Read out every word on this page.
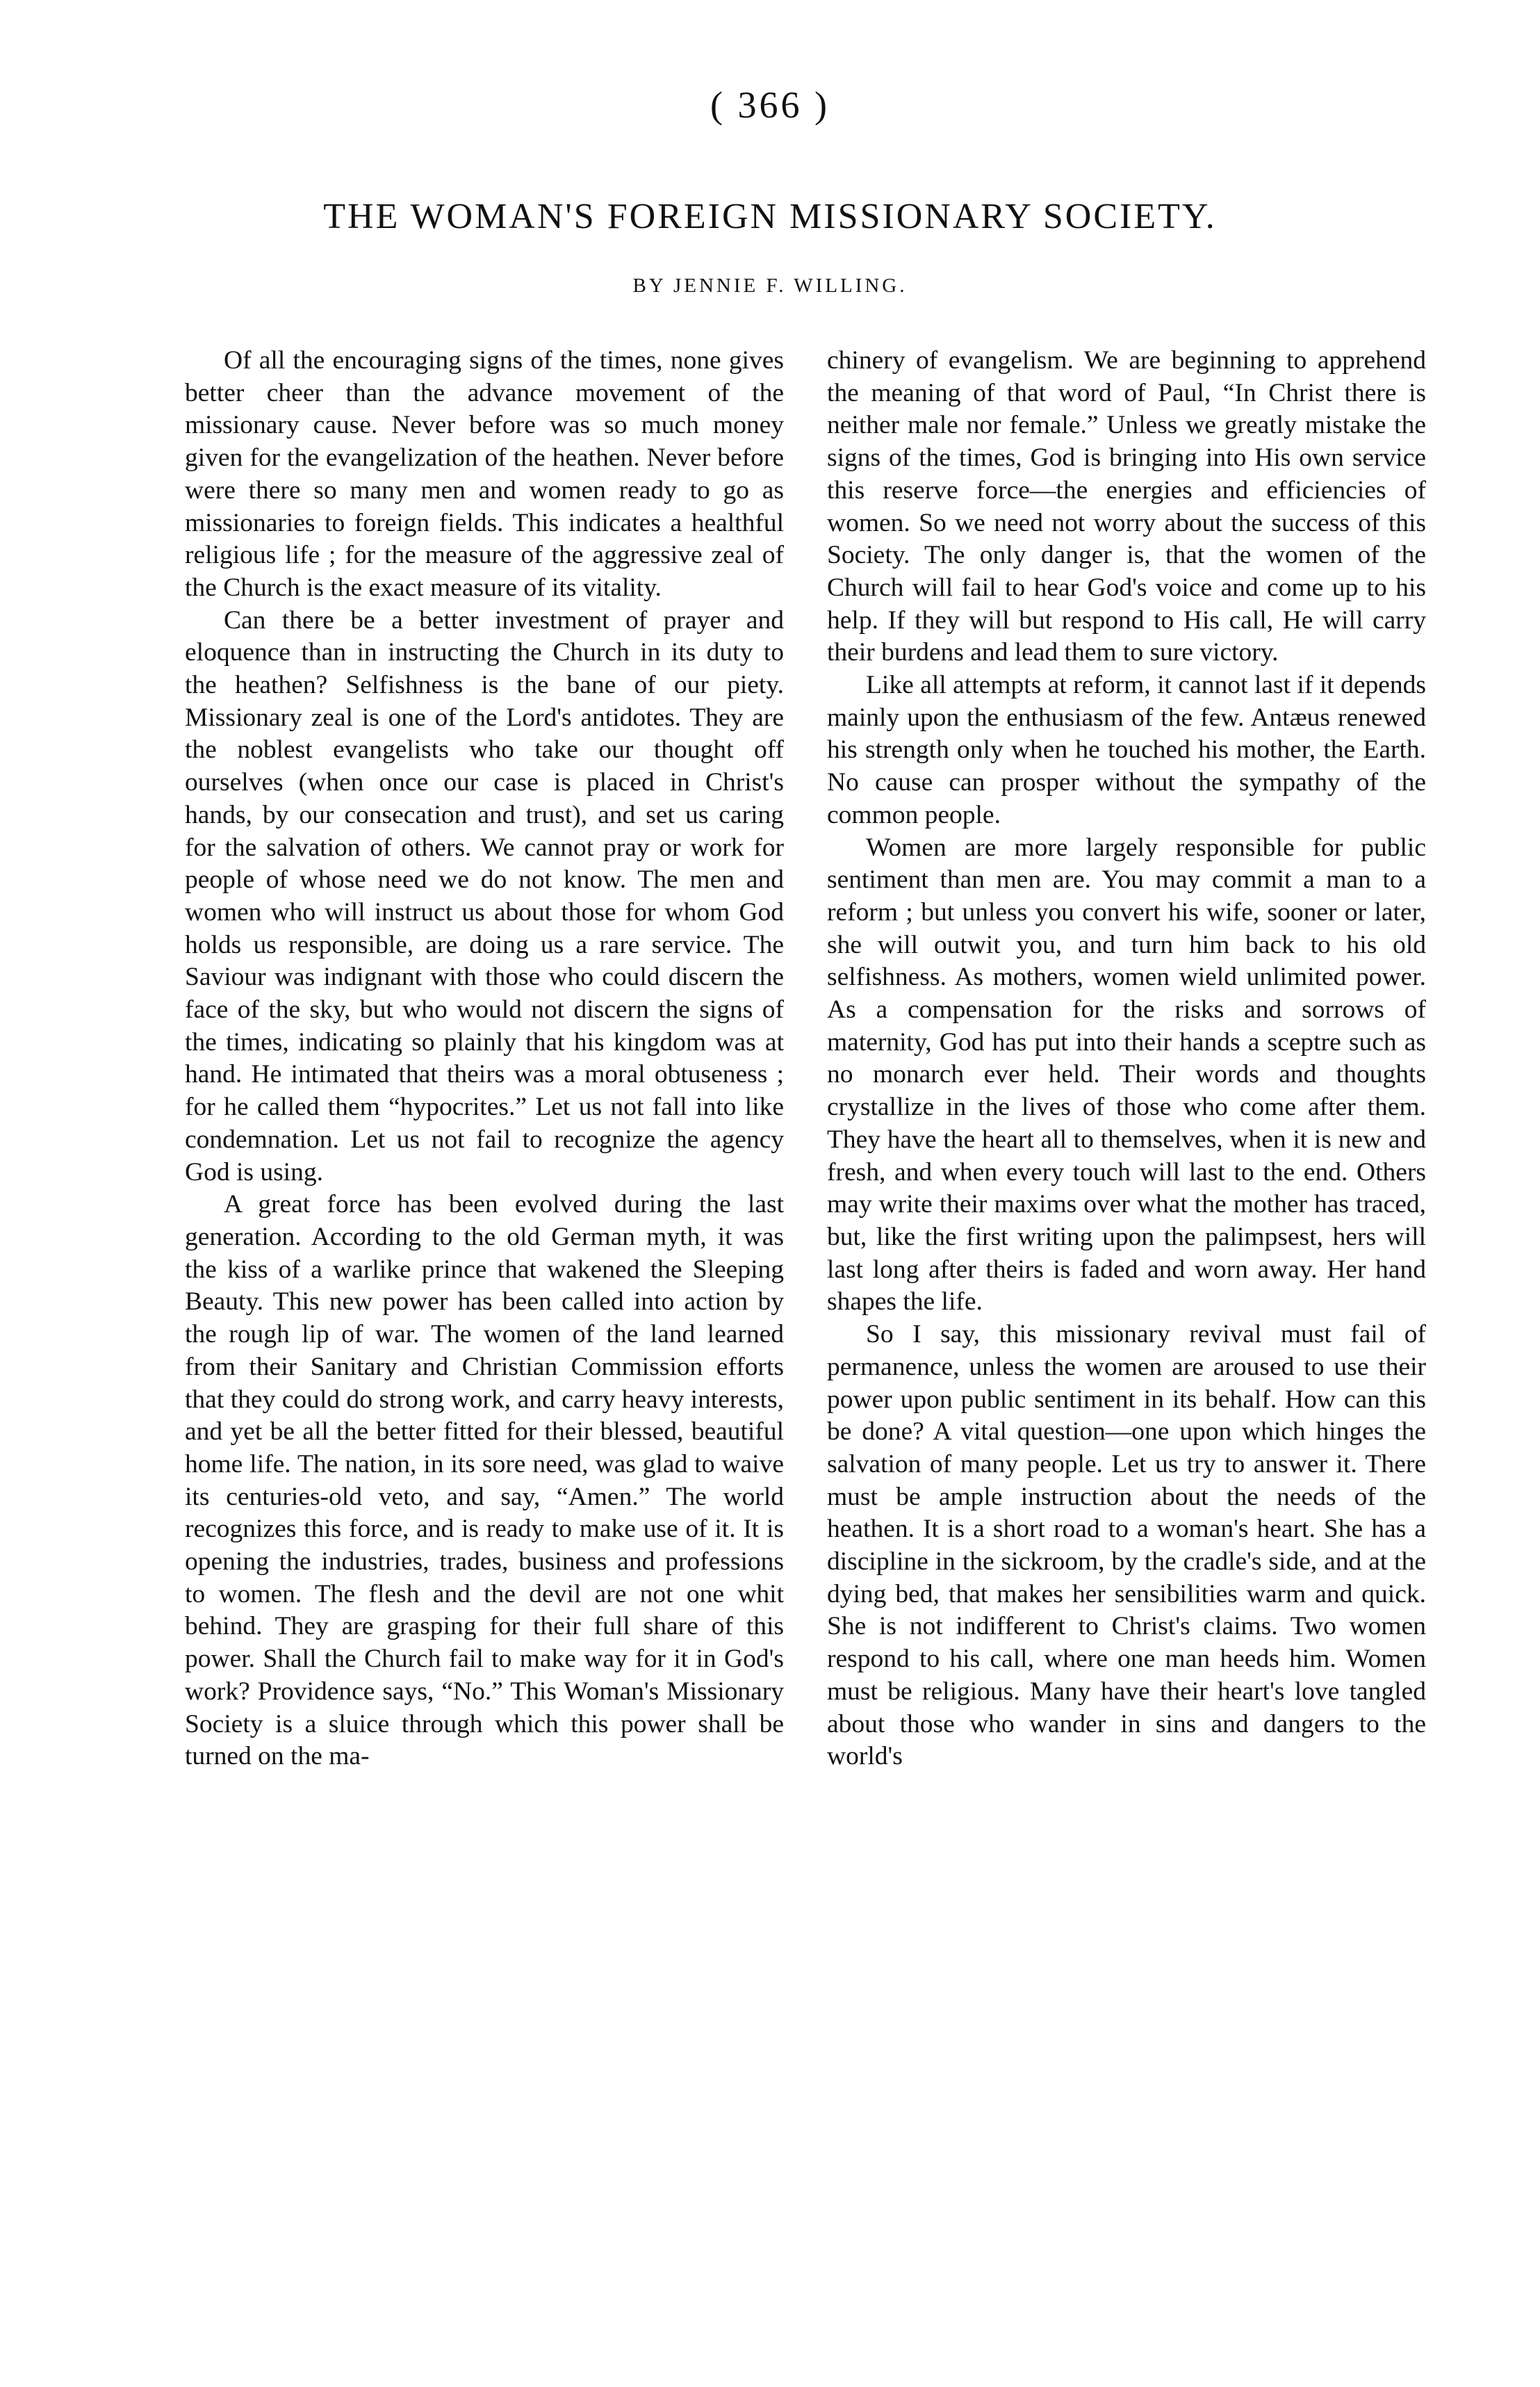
( 366 )
THE WOMAN'S FOREIGN MISSIONARY SOCIETY.
BY JENNIE F. WILLING.

Of all the encouraging signs of the times, none gives better cheer than the advance movement of the missionary cause. Never before was so much money given for the evangelization of the heathen. Never before were there so many men and women ready to go as missionaries to foreign fields. This indicates a healthful religious life ; for the measure of the aggressive zeal of the Church is the exact measure of its vitality.

Can there be a better investment of prayer and eloquence than in instructing the Church in its duty to the heathen? Selfishness is the bane of our piety. Missionary zeal is one of the Lord's antidotes. They are the noblest evangelists who take our thought off ourselves (when once our case is placed in Christ's hands, by our consecation and trust), and set us caring for the salvation of others. We cannot pray or work for people of whose need we do not know. The men and women who will instruct us about those for whom God holds us responsible, are doing us a rare service. The Saviour was indignant with those who could discern the face of the sky, but who would not discern the signs of the times, indicating so plainly that his kingdom was at hand. He intimated that theirs was a moral obtuseness ; for he called them “hypocrites.” Let us not fall into like condemnation. Let us not fail to recognize the agency God is using.

A great force has been evolved during the last generation. According to the old German myth, it was the kiss of a warlike prince that wakened the Sleeping Beauty. This new power has been called into action by the rough lip of war. The women of the land learned from their Sanitary and Christian Commission efforts that they could do strong work, and carry heavy interests, and yet be all the better fitted for their blessed, beautiful home life. The nation, in its sore need, was glad to waive its centuries-old veto, and say, “Amen.” The world recognizes this force, and is ready to make use of it. It is opening the industries, trades, business and professions to women. The flesh and the devil are not one whit behind. They are grasping for their full share of this power. Shall the Church fail to make way for it in God's work? Providence says, “No.” This Woman's Missionary Society is a sluice through which this power shall be turned on the ma-

chinery of evangelism. We are beginning to apprehend the meaning of that word of Paul, “In Christ there is neither male nor female.” Unless we greatly mistake the signs of the times, God is bringing into His own service this reserve force—the energies and efficiencies of women. So we need not worry about the success of this Society. The only danger is, that the women of the Church will fail to hear God's voice and come up to his help. If they will but respond to His call, He will carry their burdens and lead them to sure victory.

Like all attempts at reform, it cannot last if it depends mainly upon the enthusiasm of the few. Antæus renewed his strength only when he touched his mother, the Earth. No cause can prosper without the sympathy of the common people.

Women are more largely responsible for public sentiment than men are. You may commit a man to a reform ; but unless you convert his wife, sooner or later, she will outwit you, and turn him back to his old selfishness. As mothers, women wield unlimited power. As a compensation for the risks and sorrows of maternity, God has put into their hands a sceptre such as no monarch ever held. Their words and thoughts crystallize in the lives of those who come after them. They have the heart all to themselves, when it is new and fresh, and when every touch will last to the end. Others may write their maxims over what the mother has traced, but, like the first writing upon the palimpsest, hers will last long after theirs is faded and worn away. Her hand shapes the life.

So I say, this missionary revival must fail of permanence, unless the women are aroused to use their power upon public sentiment in its behalf. How can this be done? A vital question—one upon which hinges the salvation of many people. Let us try to answer it. There must be ample instruction about the needs of the heathen. It is a short road to a woman's heart. She has a discipline in the sickroom, by the cradle's side, and at the dying bed, that makes her sensibilities warm and quick. She is not indifferent to Christ's claims. Two women respond to his call, where one man heeds him. Women must be religious. Many have their heart's love tangled about those who wander in sins and dangers to the world's
